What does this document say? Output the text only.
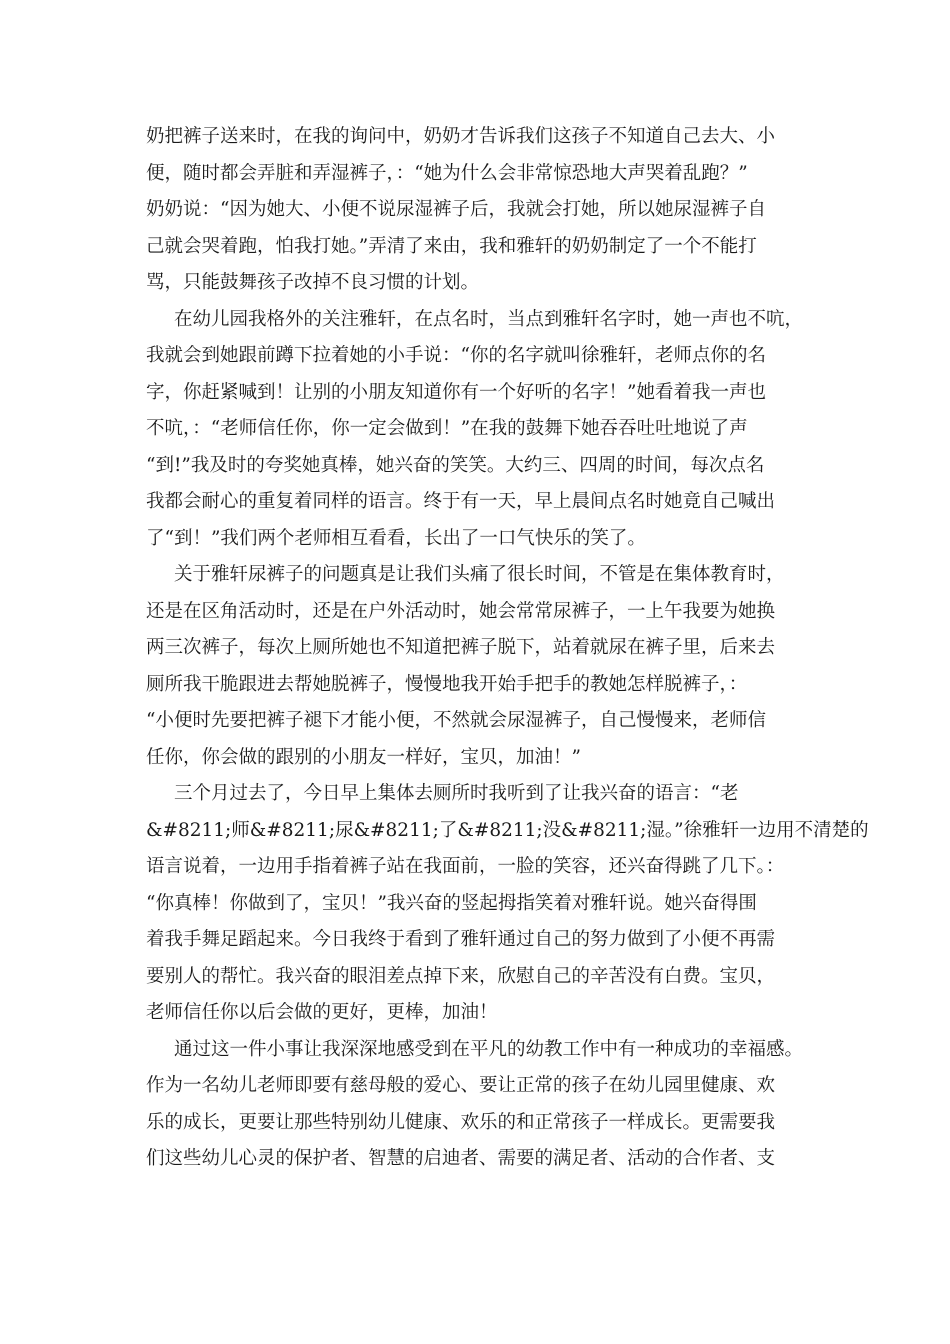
奶把裤子送来时，在我的询问中，奶奶才告诉我们这孩子不知道自己去大、小
便，随时都会弄脏和弄湿裤子，：“她为什么会非常惊恐地大声哭着乱跑？”
奶奶说：“因为她大、小便不说尿湿裤子后，我就会打她，所以她尿湿裤子自
己就会哭着跑，怕我打她。”弄清了来由，我和雅轩的奶奶制定了一个不能打
骂，只能鼓舞孩子改掉不良习惯的计划。
在幼儿园我格外的关注雅轩，在点名时，当点到雅轩名字时，她一声也不吭，
我就会到她跟前蹲下拉着她的小手说：“你的名字就叫徐雅轩，老师点你的名
字，你赶紧喊到！让别的小朋友知道你有一个好听的名字！”她看着我一声也
不吭，：“老师信任你，你一定会做到！”在我的鼓舞下她吞吞吐吐地说了声
“到!”我及时的夸奖她真棒，她兴奋的笑笑。大约三、四周的时间，每次点名
我都会耐心的重复着同样的语言。终于有一天，早上晨间点名时她竟自己喊出
了“到！”我们两个老师相互看看，长出了一口气快乐的笑了。
关于雅轩尿裤子的问题真是让我们头痛了很长时间，不管是在集体教育时，
还是在区角活动时，还是在户外活动时，她会常常尿裤子，一上午我要为她换
两三次裤子，每次上厕所她也不知道把裤子脱下，站着就尿在裤子里，后来去
厕所我干脆跟进去帮她脱裤子，慢慢地我开始手把手的教她怎样脱裤子，：
“小便时先要把裤子褪下才能小便，不然就会尿湿裤子，自己慢慢来，老师信
任你，你会做的跟别的小朋友一样好，宝贝，加油！”
三个月过去了，今日早上集体去厕所时我听到了让我兴奋的语言：“老
&#8211;师&#8211;尿&#8211;了&#8211;没&#8211;湿。”徐雅轩一边用不清楚的
语言说着，一边用手指着裤子站在我面前，一脸的笑容，还兴奋得跳了几下。：
“你真棒！你做到了，宝贝！”我兴奋的竖起拇指笑着对雅轩说。她兴奋得围
着我手舞足蹈起来。今日我终于看到了雅轩通过自己的努力做到了小便不再需
要别人的帮忙。我兴奋的眼泪差点掉下来，欣慰自己的辛苦没有白费。宝贝，
老师信任你以后会做的更好，更棒，加油！
通过这一件小事让我深深地感受到在平凡的幼教工作中有一种成功的幸福感。
作为一名幼儿老师即要有慈母般的爱心、要让正常的孩子在幼儿园里健康、欢
乐的成长，更要让那些特别幼儿健康、欢乐的和正常孩子一样成长。更需要我
们这些幼儿心灵的保护者、智慧的启迪者、需要的满足者、活动的合作者、支
